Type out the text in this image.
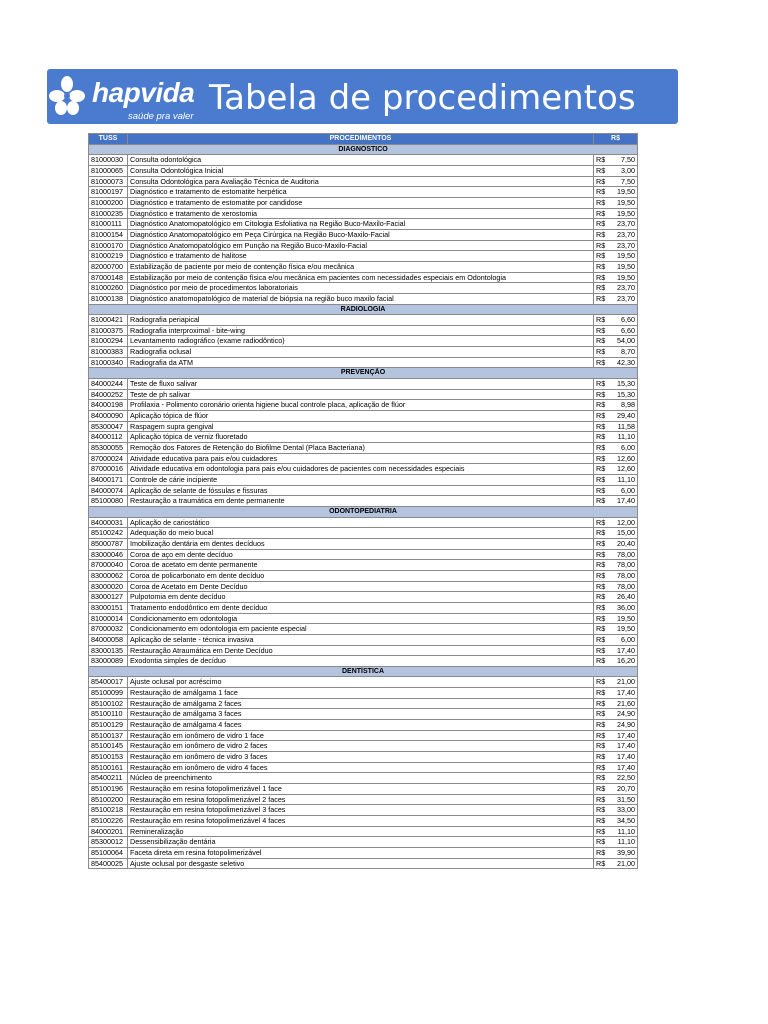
hapvida
saúde pra valer Tabela de procedimentos
TUSS	PROCEDIMENTOS	R$	
DIAGNÓSTICO			
81000030	Consulta odontológica	R$	7,50
81000065	Consulta Odontológica Inicial	R$	3,00
81000073	Consulta Odontológica para Avaliação Técnica de Auditoria	R$	7,50
81000197	Diagnóstico e tratamento de estomatite herpética	R$	19,50
81000200	Diagnóstico e tratamento de estomatite por candidose	R$	19,50
81000235	Diagnóstico e tratamento de xerostomia	R$	19,50
81000111	Diagnóstico Anatomopatológico em Citologia Esfoliativa na Região Buco-Maxilo-Facial	R$	23,70
81000154	Diagnóstico Anatomopatológico em Peça Cirúrgica na Região Buco-Maxilo-Facial	R$	23,70
81000170	Diagnóstico Anatomopatológico em Punção na Região Buco-Maxilo-Facial	R$	23,70
81000219	Diagnóstico e tratamento de halitose	R$	19,50
82000700	Estabilização de paciente por meio de contenção física e/ou mecânica	R$	19,50
87000148	Estabilização por meio de contenção física e/ou mecânica em pacientes com necessidades especiais em Odontologia	R$	19,50
81000260	Diagnóstico por meio de procedimentos laboratoriais	R$	23,70
81000138	Diagnóstico anatomopatológico de material de biópsia na região buco maxilo facial	R$	23,70
RADIOLOGIA			
81000421	Radiografia periapical	R$	6,60
81000375	Radiografia interproximal - bite-wing	R$	6,60
81000294	Levantamento radiográfico (exame radiodôntico)	R$	54,00
81000383	Radiografia oclusal	R$	8,70
81000340	Radiografia da ATM	R$	42,30
PREVENÇÃO			
84000244	Teste de fluxo salivar	R$	15,30
84000252	Teste de ph salivar	R$	15,30
84000198	Profilaxia - Polimento coronário orienta higiene bucal controle placa, aplicação de flúor	R$	8,98
84000090	Aplicação tópica de flúor	R$	29,40
85300047	Raspagem supra gengival	R$	11,58
84000112	Aplicação tópica de verniz fluoretado	R$	11,10
85300055	Remoção dos Fatores de Retenção do Biofilme Dental (Placa Bacteriana)	R$	6,00
87000024	Atividade educativa para pais e/ou cuidadores	R$	12,60
87000016	Atividade educativa em odontologia para pais e/ou cuidadores de pacientes com necessidades especiais	R$	12,60
84000171	Controle de cárie incipiente	R$	11,10
84000074	Aplicação de selante de fóssulas e fissuras	R$	6,00
85100080	Restauração a traumática em dente permanente	R$	17,40
ODONTOPEDIATRIA			
84000031	Aplicação de cariostático	R$	12,00
85100242	Adequação do meio bucal	R$	15,00
85000787	Imobilização dentária em dentes decíduos	R$	20,40
83000046	Coroa de aço em dente decíduo	R$	78,00
87000040	Coroa de acetato em dente permanente	R$	78,00
83000062	Coroa de policarbonato em dente decíduo	R$	78,00
83000020	Coroa de Acetato em Dente Decíduo	R$	78,00
83000127	Pulpotomia em dente decíduo	R$	26,40
83000151	Tratamento endodôntico em dente decíduo	R$	36,00
81000014	Condicionamento em odontologia	R$	19,50
87000032	Condicionamento em odontologia em paciente especial	R$	19,50
84000058	Aplicação de selante - técnica invasiva	R$	6,00
83000135	Restauração Atraumática em Dente Decíduo	R$	17,40
83000089	Exodontia simples de decíduo	R$	16,20
DENTÍSTICA			
85400017	Ajuste oclusal por acréscimo	R$	21,00
85100099	Restauração de amálgama 1 face	R$	17,40
85100102	Restauração de amálgama 2 faces	R$	21,60
85100110	Restauração de amálgama 3 faces	R$	24,90
85100129	Restauração de amálgama 4 faces	R$	24,90
85100137	Restauração em ionômero de vidro 1 face	R$	17,40
85100145	Restauração em ionômero de vidro 2 faces	R$	17,40
85100153	Restauração em ionômero de vidro 3 faces	R$	17,40
85100161	Restauração em ionômero de vidro 4 faces	R$	17,40
85400211	Núcleo de preenchimento	R$	22,50
85100196	Restauração em resina fotopolimerizável 1 face	R$	20,70
85100200	Restauração em resina fotopolimerizável 2 faces	R$	31,50
85100218	Restauração em resina fotopolimerizável 3 faces	R$	33,00
85100226	Restauração em resina fotopolimerizável 4 faces	R$	34,50
84000201	Remineralização	R$	11,10
85300012	Dessensibilização dentária	R$	11,10
85100064	Faceta direta em resina fotopolimerizável	R$	39,90
85400025	Ajuste oclusal por desgaste seletivo	R$	21,00
